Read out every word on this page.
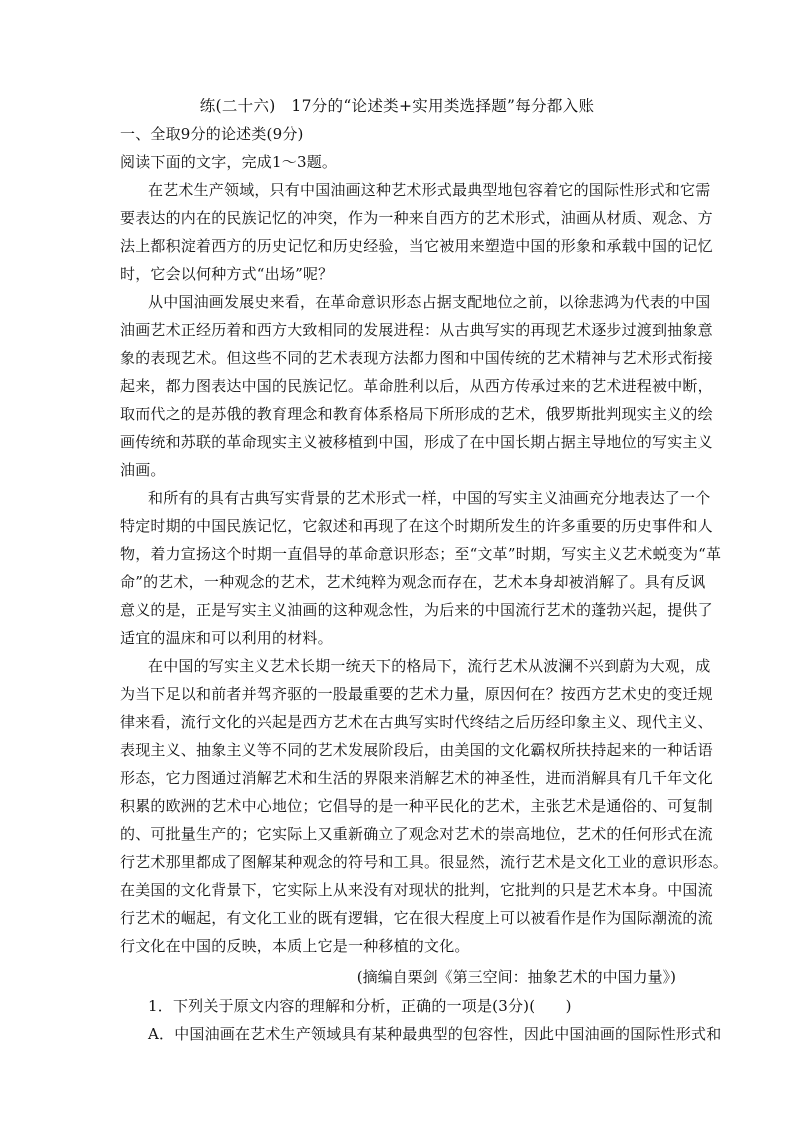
练(二十六)　17分的“论述类+实用类选择题”每分都入账
一、全取9分的论述类(9分)
阅读下面的文字，完成1～3题。
在艺术生产领域，只有中国油画这种艺术形式最典型地包容着它的国际性形式和它需
要表达的内在的民族记忆的冲突，作为一种来自西方的艺术形式，油画从材质、观念、方
法上都积淀着西方的历史记忆和历史经验，当它被用来塑造中国的形象和承载中国的记忆
时，它会以何种方式“出场”呢？
从中国油画发展史来看，在革命意识形态占据支配地位之前，以徐悲鸿为代表的中国
油画艺术正经历着和西方大致相同的发展进程：从古典写实的再现艺术逐步过渡到抽象意
象的表现艺术。但这些不同的艺术表现方法都力图和中国传统的艺术精神与艺术形式衔接
起来，都力图表达中国的民族记忆。革命胜利以后，从西方传承过来的艺术进程被中断，
取而代之的是苏俄的教育理念和教育体系格局下所形成的艺术，俄罗斯批判现实主义的绘
画传统和苏联的革命现实主义被移植到中国，形成了在中国长期占据主导地位的写实主义
油画。
和所有的具有古典写实背景的艺术形式一样，中国的写实主义油画充分地表达了一个
特定时期的中国民族记忆，它叙述和再现了在这个时期所发生的许多重要的历史事件和人
物，着力宣扬这个时期一直倡导的革命意识形态；至“文革”时期，写实主义艺术蜕变为“革
命”的艺术，一种观念的艺术，艺术纯粹为观念而存在，艺术本身却被消解了。具有反讽
意义的是，正是写实主义油画的这种观念性，为后来的中国流行艺术的蓬勃兴起，提供了
适宜的温床和可以利用的材料。
在中国的写实主义艺术长期一统天下的格局下，流行艺术从波澜不兴到蔚为大观，成
为当下足以和前者并驾齐驱的一股最重要的艺术力量，原因何在？按西方艺术史的变迁规
律来看，流行文化的兴起是西方艺术在古典写实时代终结之后历经印象主义、现代主义、
表现主义、抽象主义等不同的艺术发展阶段后，由美国的文化霸权所扶持起来的一种话语
形态，它力图通过消解艺术和生活的界限来消解艺术的神圣性，进而消解具有几千年文化
积累的欧洲的艺术中心地位；它倡导的是一种平民化的艺术，主张艺术是通俗的、可复制
的、可批量生产的；它实际上又重新确立了观念对艺术的崇高地位，艺术的任何形式在流
行艺术那里都成了图解某种观念的符号和工具。很显然，流行艺术是文化工业的意识形态。
在美国的文化背景下，它实际上从来没有对现状的批判，它批判的只是艺术本身。中国流
行艺术的崛起，有文化工业的既有逻辑，它在很大程度上可以被看作是作为国际潮流的流
行文化在中国的反映，本质上它是一种移植的文化。
(摘编自栗剑《第三空间：抽象艺术的中国力量》)
1．下列关于原文内容的理解和分析，正确的一项是(3分)(　　)
A．中国油画在艺术生产领域具有某种最典型的包容性，因此中国油画的国际性形式和
